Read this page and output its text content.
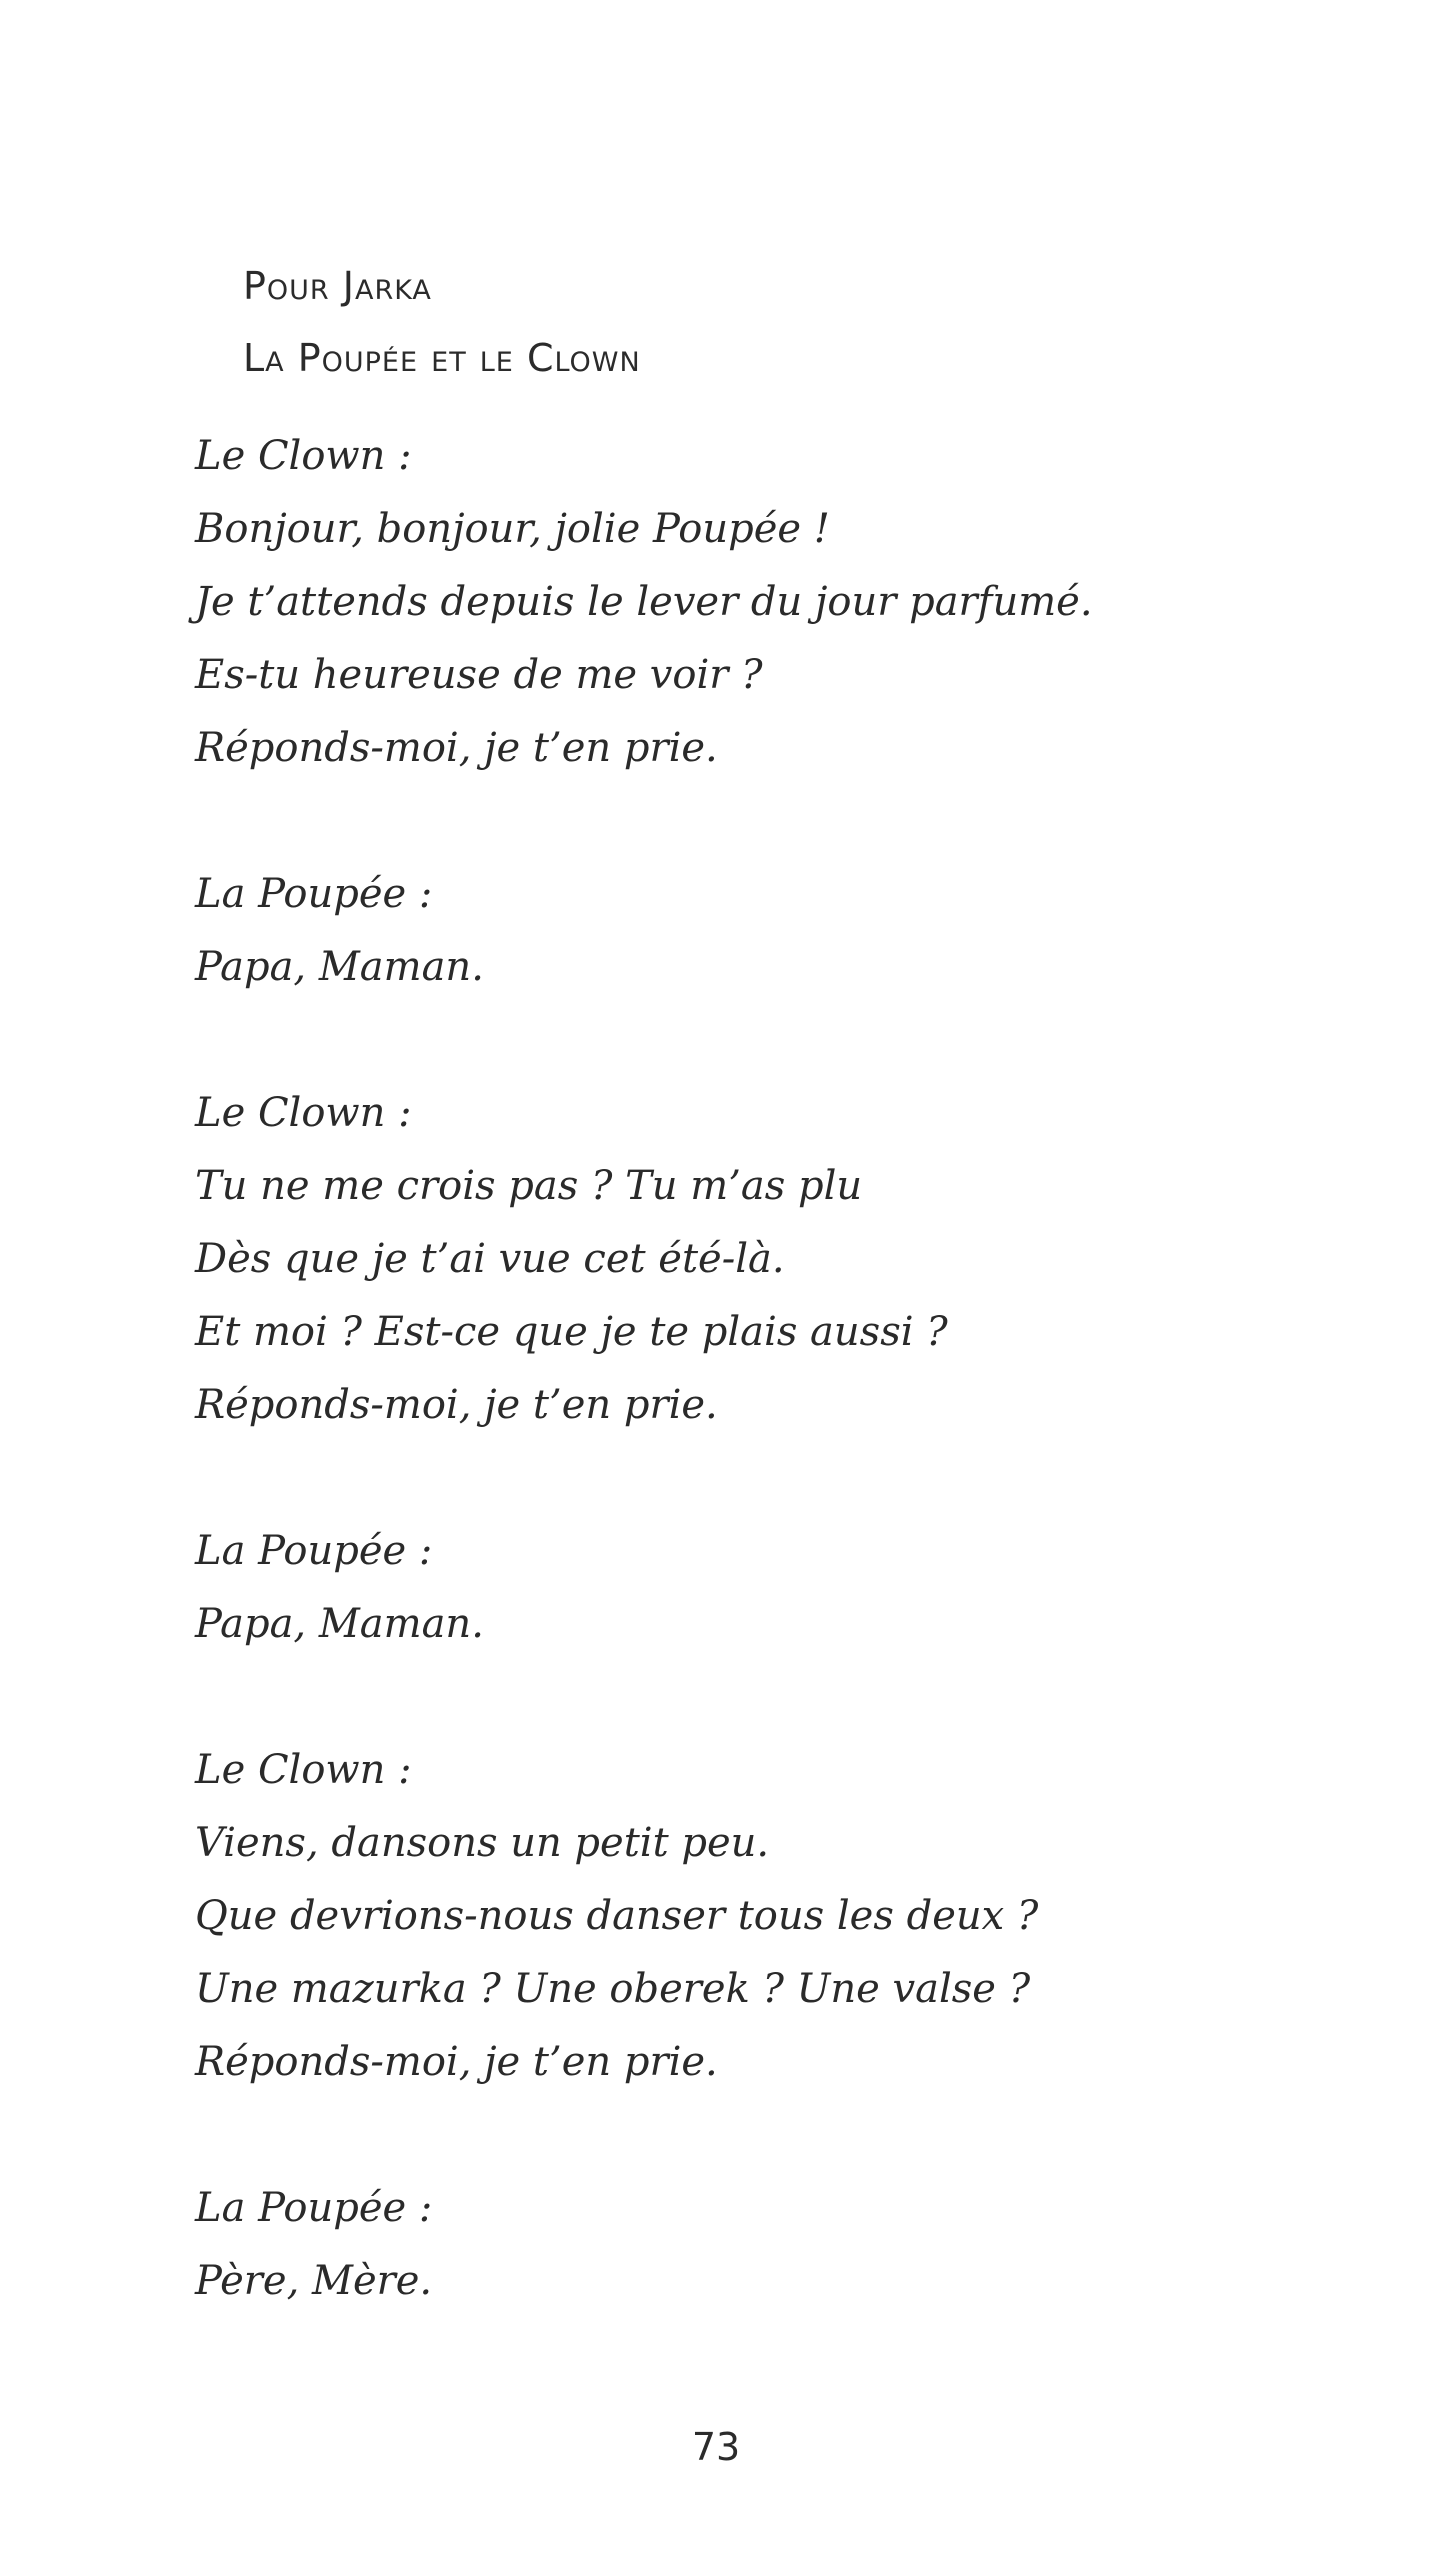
Pour Jarka
La Poupée et le Clown
Le Clown :
Bonjour, bonjour, jolie Poupée !
Je t’attends depuis le lever du jour parfumé.
Es-tu heureuse de me voir ?
Réponds-moi, je t’en prie.
La Poupée :
Papa, Maman.
Le Clown :
Tu ne me crois pas ? Tu m’as plu
Dès que je t’ai vue cet été-là.
Et moi ? Est-ce que je te plais aussi ?
Réponds-moi, je t’en prie.
La Poupée :
Papa, Maman.
Le Clown :
Viens, dansons un petit peu.
Que devrions-nous danser tous les deux ?
Une mazurka ? Une oberek ? Une valse ?
Réponds-moi, je t’en prie.
La Poupée :
Père, Mère.
73
